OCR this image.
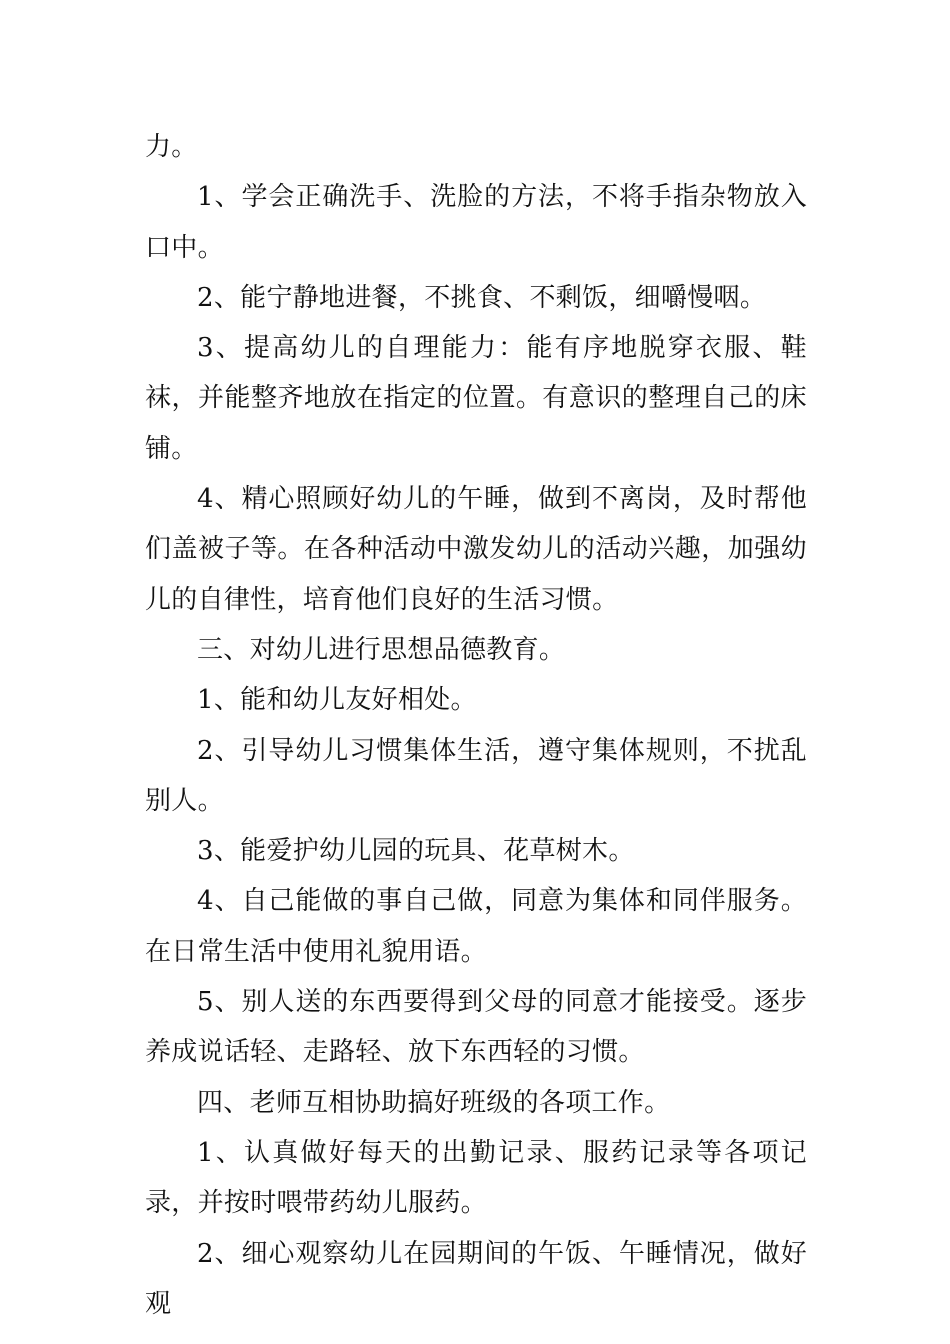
力。

1、学会正确洗手、洗脸的方法，不将手指杂物放入口中。

2、能宁静地进餐，不挑食、不剩饭，细嚼慢咽。

3、提高幼儿的自理能力：能有序地脱穿衣服、鞋袜，并能整齐地放在指定的位置。有意识的整理自己的床铺。

4、精心照顾好幼儿的午睡，做到不离岗，及时帮他们盖被子等。在各种活动中激发幼儿的活动兴趣，加强幼儿的自律性，培育他们良好的生活习惯。

三、对幼儿进行思想品德教育。

1、能和幼儿友好相处。

2、引导幼儿习惯集体生活，遵守集体规则，不扰乱别人。

3、能爱护幼儿园的玩具、花草树木。

4、自己能做的事自己做，同意为集体和同伴服务。在日常生活中使用礼貌用语。

5、别人送的东西要得到父母的同意才能接受。逐步养成说话轻、走路轻、放下东西轻的习惯。

四、老师互相协助搞好班级的各项工作。

1、认真做好每天的出勤记录、服药记录等各项记录，并按时喂带药幼儿服药。

2、细心观察幼儿在园期间的午饭、午睡情况，做好观
